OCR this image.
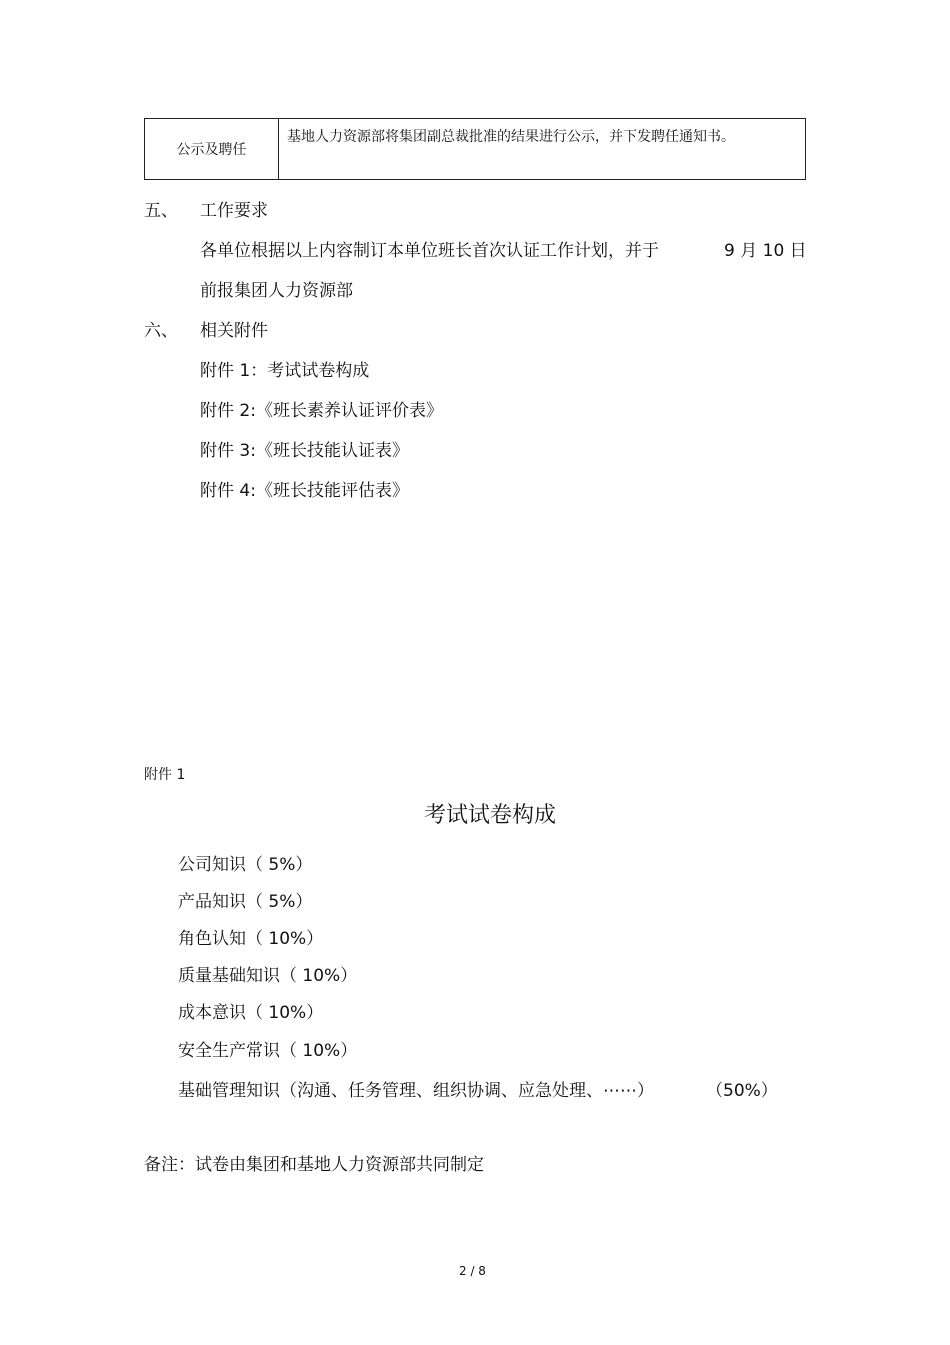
公示及聘任
基地人力资源部将集团副总裁批准的结果进行公示，并下发聘任通知书。
五、 工作要求
各单位根据以上内容制订本单位班长首次认证工作计划，并于	9 月 10 日
前报集团人力资源部
六、 相关附件
附件 1：考试试卷构成
附件 2:《班长素养认证评价表》
附件 3:《班长技能认证表》
附件 4:《班长技能评估表》
附件 1
考试试卷构成
公司知识（ 5%）
产品知识（ 5%）
角色认知（ 10%）
质量基础知识（ 10%）
成本意识（ 10%）
安全生产常识（ 10%）
基础管理知识（沟通、任务管理、组织协调、应急处理、⋯⋯）	（50%）
备注：试卷由集团和基地人力资源部共同制定
2 / 8
